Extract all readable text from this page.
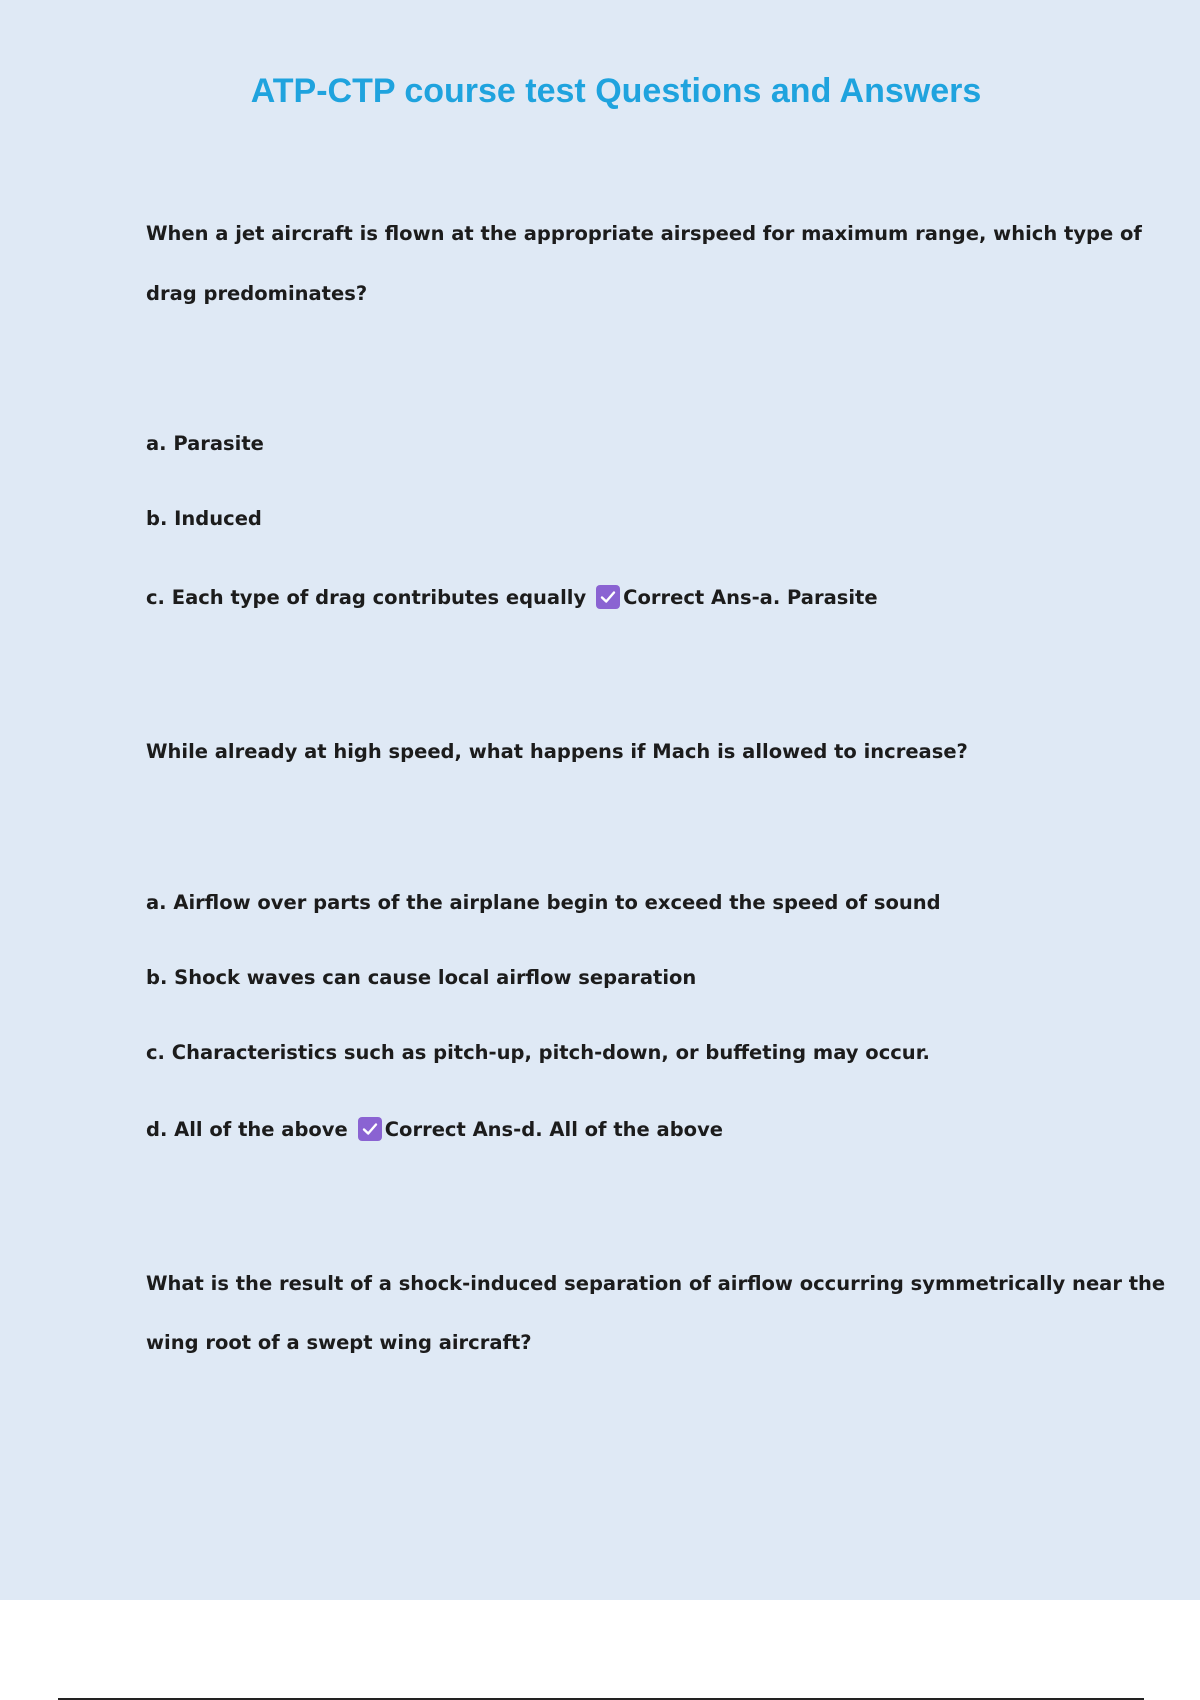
ATP-CTP course test Questions and Answers

When a jet aircraft is flown at the appropriate airspeed for maximum range, which type of

drag predominates?

a. Parasite

b. Induced

c. Each type of drag contributes equally Correct Ans-a. Parasite

While already at high speed, what happens if Mach is allowed to increase?

a. Airflow over parts of the airplane begin to exceed the speed of sound

b. Shock waves can cause local airflow separation

c. Characteristics such as pitch-up, pitch-down, or buffeting may occur.

d. All of the above Correct Ans-d. All of the above

What is the result of a shock-induced separation of airflow occurring symmetrically near the

wing root of a swept wing aircraft?
